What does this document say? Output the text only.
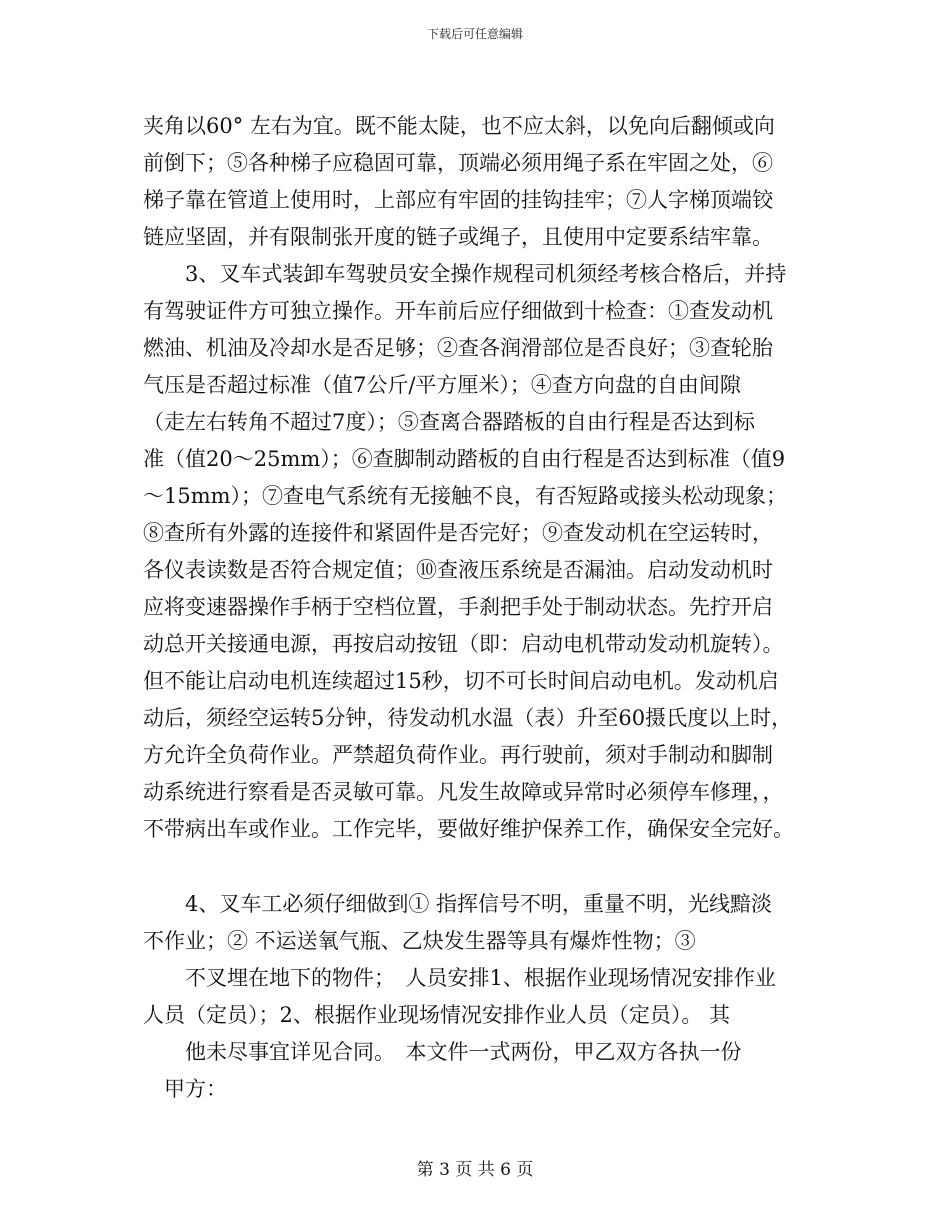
下载后可任意编辑
夹角以60° 左右为宜。既不能太陡，也不应太斜，以免向后翻倾或向
前倒下；⑤各种梯子应稳固可靠，顶端必须用绳子系在牢固之处，⑥
梯子靠在管道上使用时，上部应有牢固的挂钩挂牢；⑦人字梯顶端铰
链应坚固，并有限制张开度的链子或绳子，且使用中定要系结牢靠。
3、叉车式装卸车驾驶员安全操作规程司机须经考核合格后，并持
有驾驶证件方可独立操作。开车前后应仔细做到十检查：①查发动机
燃油、机油及冷却水是否足够；②查各润滑部位是否良好；③查轮胎
气压是否超过标准（值7公斤/平方厘米）；④查方向盘的自由间隙
（走左右转角不超过7度）；⑤查离合器踏板的自由行程是否达到标
准（值20～25mm）；⑥查脚制动踏板的自由行程是否达到标准（值9
～15mm）；⑦查电气系统有无接触不良，有否短路或接头松动现象；
⑧查所有外露的连接件和紧固件是否完好；⑨查发动机在空运转时，
各仪表读数是否符合规定值；⑩查液压系统是否漏油。启动发动机时
应将变速器操作手柄于空档位置，手刹把手处于制动状态。先拧开启
动总开关接通电源，再按启动按钮（即：启动电机带动发动机旋转）。
但不能让启动电机连续超过15秒，切不可长时间启动电机。发动机启
动后，须经空运转5分钟，待发动机水温（表）升至60摄氏度以上时，
方允许全负荷作业。严禁超负荷作业。再行驶前，须对手制动和脚制
动系统进行察看是否灵敏可靠。凡发生故障或异常时必须停车修理，，
不带病出车或作业。工作完毕，要做好维护保养工作，确保安全完好。
4、叉车工必须仔细做到① 指挥信号不明，重量不明，光线黯淡
不作业；② 不运送氧气瓶、乙炔发生器等具有爆炸性物；③
不叉埋在地下的物件；　人员安排1、根据作业现场情况安排作业
人员（定员）；2、根据作业现场情况安排作业人员（定员）。 其
他未尽事宜详见合同。　本文件一式两份，甲乙双方各执一份
甲方：
第 3 页 共 6 页
